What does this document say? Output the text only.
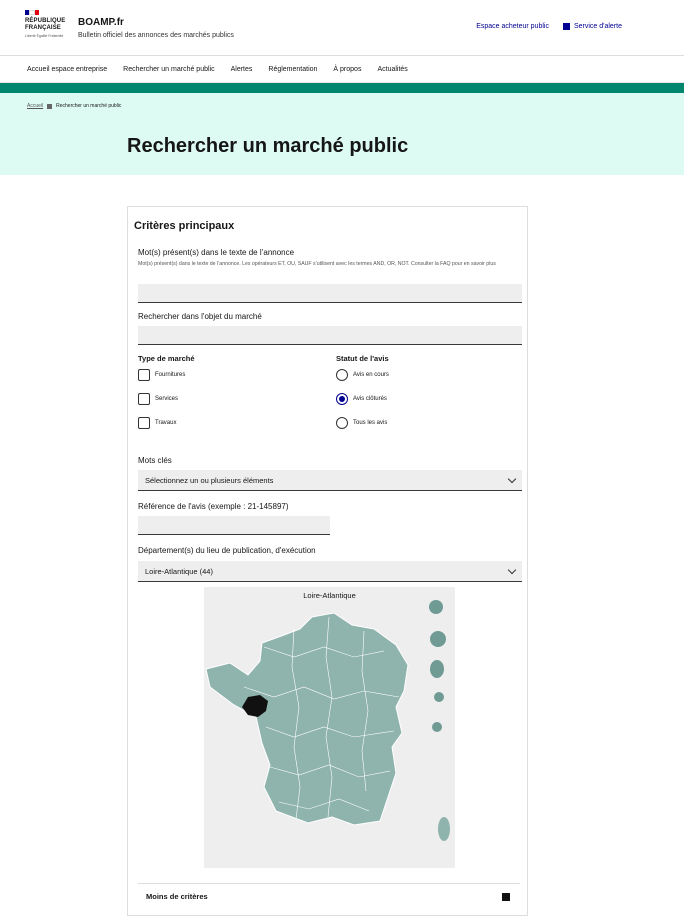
RÉPUBLIQUE
FRANÇAISE
Liberté Égalité Fraternité
BOAMP.fr
Bulletin officiel des annonces des marchés publics
Espace acheteur public	Service d'alerte
Accueil espace entreprise Rechercher un marché public Alertes Réglementation À propos Actualités
Accueil	Rechercher un marché public
Rechercher un marché public
Critères principaux
Mot(s) présent(s) dans le texte de l’annonce
Mot(s) présent(s) dans le texte de l’annonce. Les opérateurs ET, OU, SAUF s’utilisent avec les termes AND, OR, NOT. Consulter la FAQ pour en savoir plus
Rechercher dans l'objet du marché
Type de marché
Fournitures
Services
Travaux
Statut de l'avis
Avis en cours
Avis clôturés
Tous les avis
Mots clés
Sélectionnez un ou plusieurs éléments
Référence de l'avis (exemple : 21-145897)
Département(s) du lieu de publication, d'exécution
Loire-Atlantique (44)
Loire-Atlantique
Moins de critères
